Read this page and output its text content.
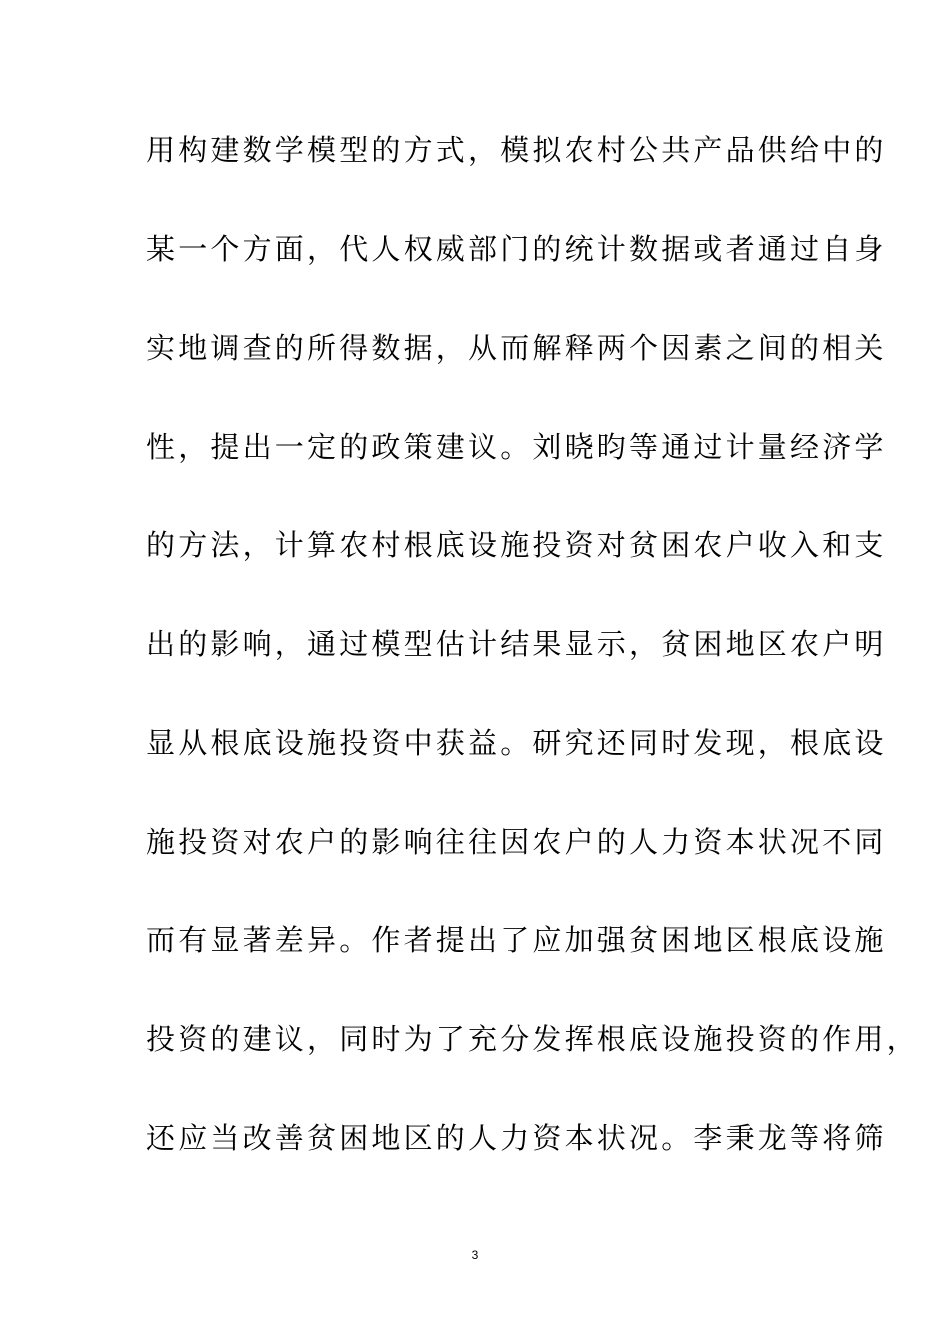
用构建数学模型的方式，模拟农村公共产品供给中的
某一个方面，代人权威部门的统计数据或者通过自身
实地调查的所得数据，从而解释两个因素之间的相关
性，提出一定的政策建议。刘晓昀等通过计量经济学
的方法，计算农村根底设施投资对贫困农户收入和支
出的影响，通过模型估计结果显示，贫困地区农户明
显从根底设施投资中获益。研究还同时发现，根底设
施投资对农户的影响往往因农户的人力资本状况不同
而有显著差异。作者提出了应加强贫困地区根底设施
投资的建议，同时为了充分发挥根底设施投资的作用，
还应当改善贫困地区的人力资本状况。李秉龙等将筛
3
